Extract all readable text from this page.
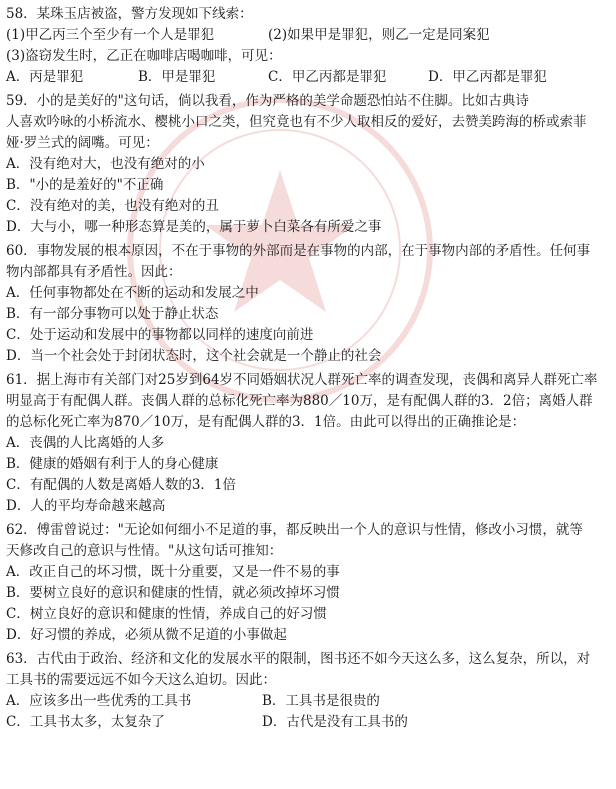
58．某珠玉店被盗，警方发现如下线索：
(1)甲乙丙三个至少有一个人是罪犯	(2)如果甲是罪犯，则乙一定是同案犯
(3)盗窃发生时，乙正在咖啡店喝咖啡，可见：
A．丙是罪犯	B．甲是罪犯	C．甲乙丙都是罪犯	D．甲乙丙都是罪犯
59．小的是美好的"这句话，倘以我看，作为严格的美学命题恐怕站不住脚。比如古典诗
人喜欢吟咏的小桥流水、樱桃小口之类，但究竟也有不少人取相反的爱好，去赞美跨海的桥或索菲
娅·罗兰式的阔嘴。可见：
A．没有绝对大，也没有绝对的小
B．"小的是羞好的"不正确
C．没有绝对的美，也没有绝对的丑
D．大与小，哪一种形态算是美的，属于萝卜白菜各有所爱之事
60．事物发展的根本原因，不在于事物的外部而是在事物的内部，在于事物内部的矛盾性。任何事
物内部都具有矛盾性。因此：
A．任何事物都处在不断的运动和发展之中
B．有一部分事物可以处于静止状态
C．处于运动和发展中的事物都以同样的速度向前进
D．当一个社会处于封闭状态时，这个社会就是一个静止的社会
61．据上海市有关部门对25岁到64岁不同婚姻状况人群死亡率的调查发现，丧偶和离异人群死亡率
明显高于有配偶人群。丧偶人群的总标化死亡率为880／10万，是有配偶人群的3．2倍；离婚人群
的总标化死亡率为870／10万，是有配偶人群的3．1倍。由此可以得出的正确推论是：
A．丧偶的人比离婚的人多
B．健康的婚姻有利于人的身心健康
C．有配偶的人数是离婚人数的3．1倍
D．人的平均寿命越来越高
62．傅雷曾说过："无论如何细小不足道的事，都反映出一个人的意识与性情，修改小习惯，就等
天修改自己的意识与性情。"从这句话可推知：
A．改正自己的坏习惯，既十分重要，又是一件不易的事
B．要树立良好的意识和健康的性情，就必须改掉坏习惯
C．树立良好的意识和健康的性情，养成自己的好习惯
D．好习惯的养成，必须从微不足道的小事做起
63．古代由于政治、经济和文化的发展水平的限制，图书还不如今天这么多，这么复杂，所以，对
工具书的需要远远不如今天这么迫切。因此：
A．应该多出一些优秀的工具书	B．工具书是很贵的
C．工具书太多，太复杂了	D．古代是没有工具书的
